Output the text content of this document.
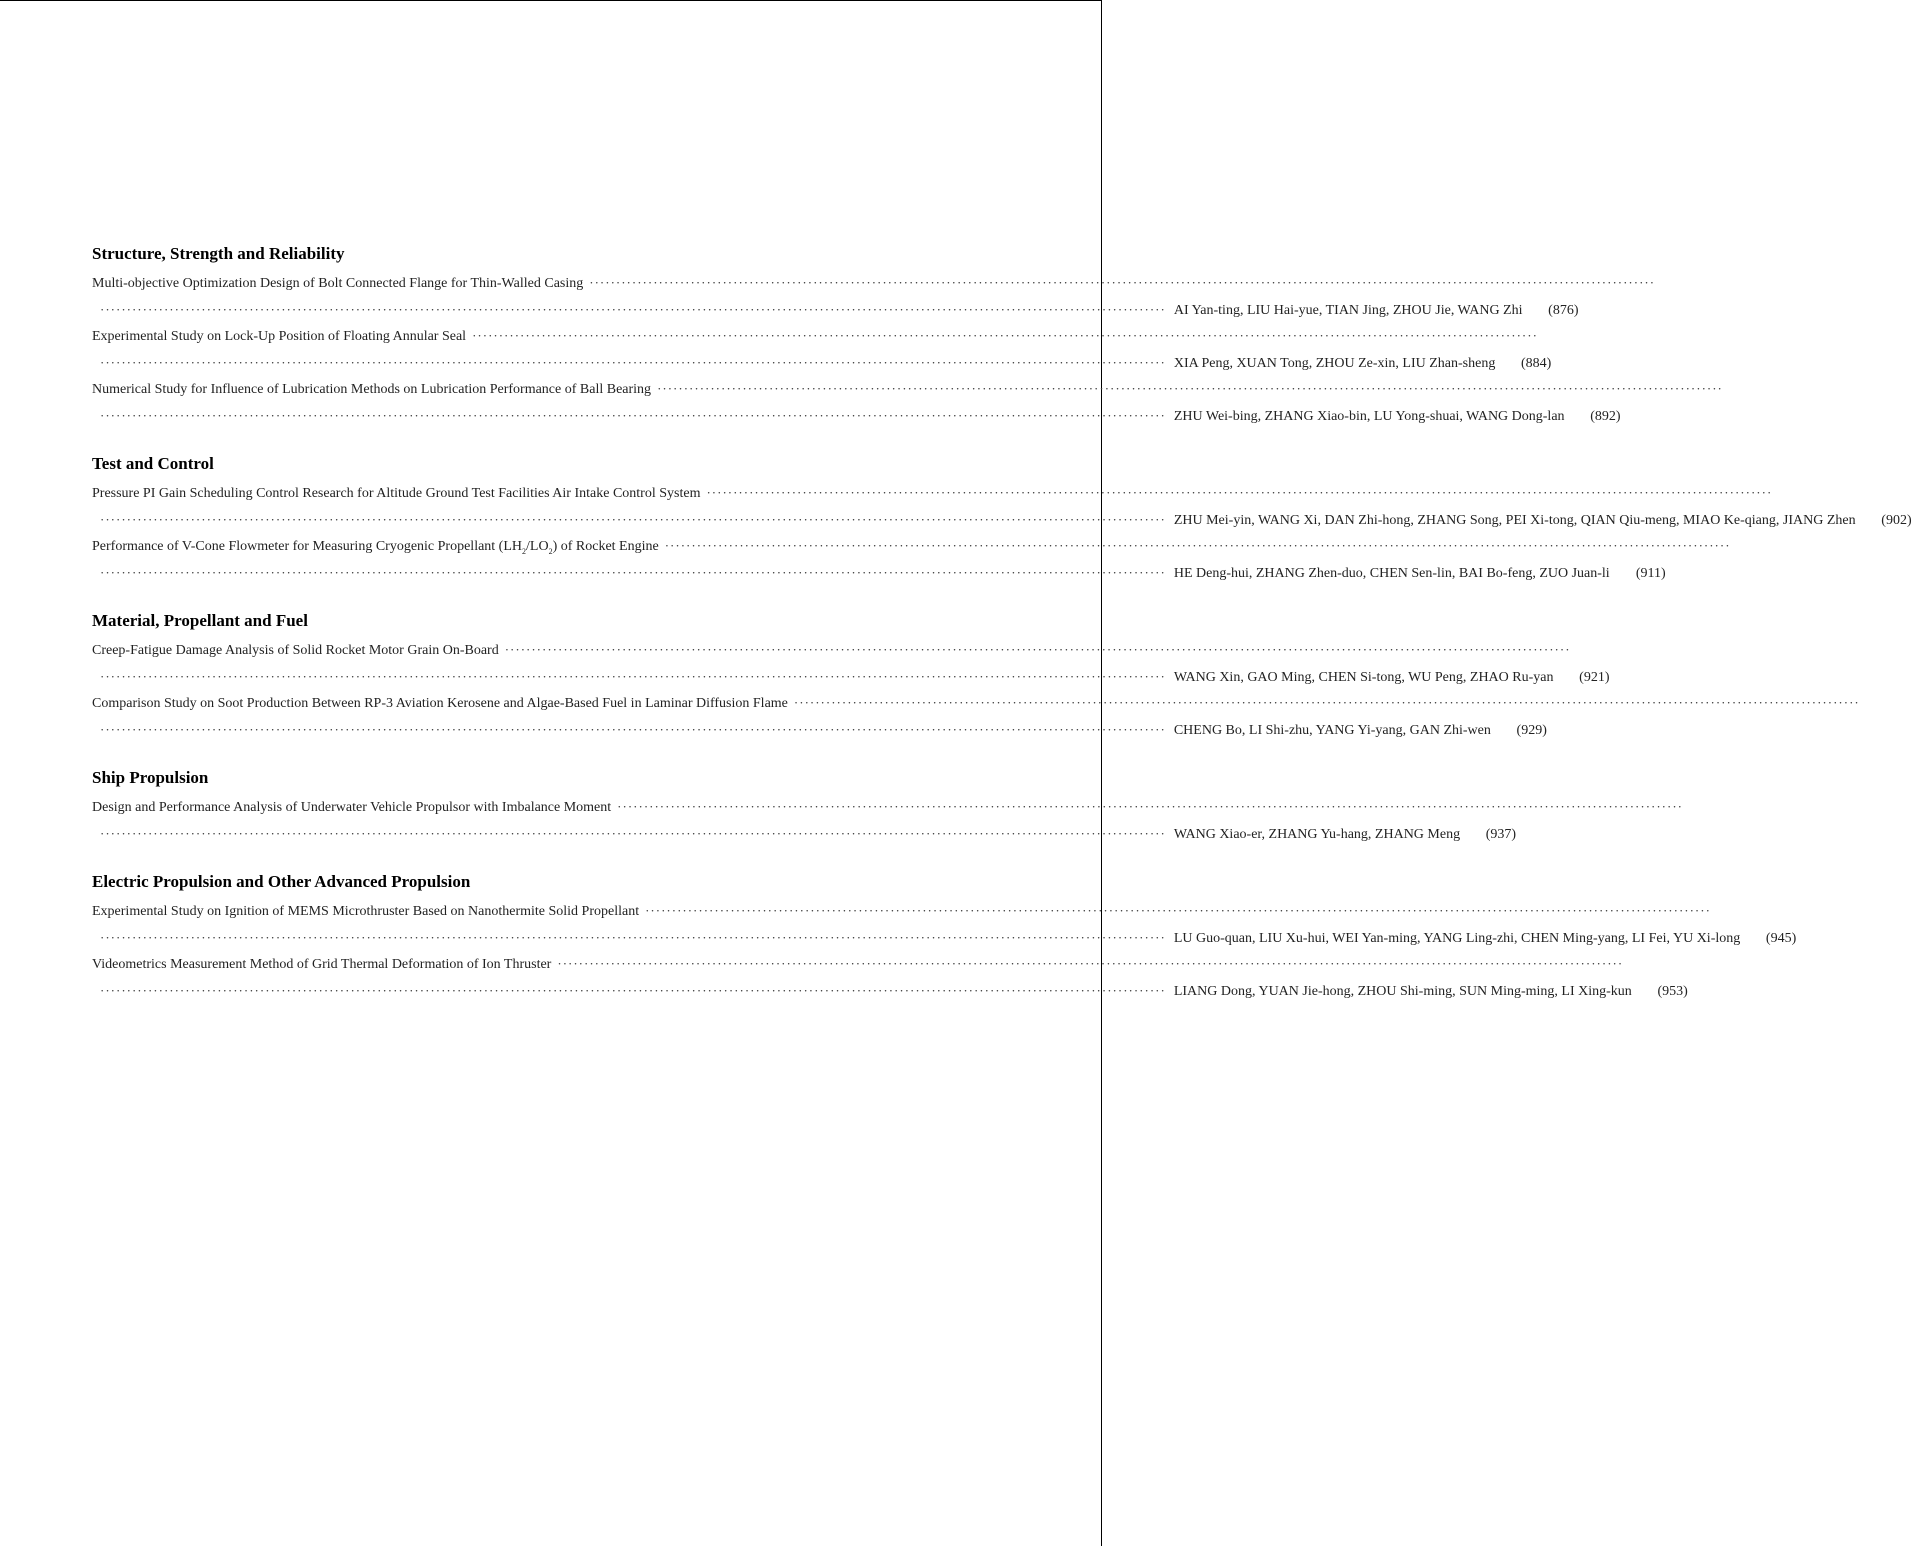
Structure, Strength and Reliability
Multi-objective Optimization Design of Bolt Connected Flange for Thin-Walled Casing ········································································································································································································
········································································································································································································ AI Yan-ting, LIU Hai-yue, TIAN Jing, ZHOU Jie, WANG Zhi	(876)
Experimental Study on Lock-Up Position of Floating Annular Seal ········································································································································································································
········································································································································································································ XIA Peng, XUAN Tong, ZHOU Ze-xin, LIU Zhan-sheng	(884)
Numerical Study for Influence of Lubrication Methods on Lubrication Performance of Ball Bearing ········································································································································································································
········································································································································································································ ZHU Wei-bing, ZHANG Xiao-bin, LU Yong-shuai, WANG Dong-lan	(892)
Test and Control
Pressure PI Gain Scheduling Control Research for Altitude Ground Test Facilities Air Intake Control System ········································································································································································································
········································································································································································································ ZHU Mei-yin, WANG Xi, DAN Zhi-hong, ZHANG Song, PEI Xi-tong, QIAN Qiu-meng, MIAO Ke-qiang, JIANG Zhen	(902)
Performance of V-Cone Flowmeter for Measuring Cryogenic Propellant $(LH_2/LO_2)$ of Rocket Engine ········································································································································································································
········································································································································································································ HE Deng-hui, ZHANG Zhen-duo, CHEN Sen-lin, BAI Bo-feng, ZUO Juan-li	(911)
Material, Propellant and Fuel
Creep-Fatigue Damage Analysis of Solid Rocket Motor Grain On-Board ········································································································································································································
········································································································································································································ WANG Xin, GAO Ming, CHEN Si-tong, WU Peng, ZHAO Ru-yan	(921)
Comparison Study on Soot Production Between RP-3 Aviation Kerosene and Algae-Based Fuel in Laminar Diffusion Flame ········································································································································································································
········································································································································································································ CHENG Bo, LI Shi-zhu, YANG Yi-yang, GAN Zhi-wen	(929)
Ship Propulsion
Design and Performance Analysis of Underwater Vehicle Propulsor with Imbalance Moment ········································································································································································································
········································································································································································································ WANG Xiao-er, ZHANG Yu-hang, ZHANG Meng	(937)
Electric Propulsion and Other Advanced Propulsion
Experimental Study on Ignition of MEMS Microthruster Based on Nanothermite Solid Propellant ········································································································································································································
········································································································································································································ LU Guo-quan, LIU Xu-hui, WEI Yan-ming, YANG Ling-zhi, CHEN Ming-yang, LI Fei, YU Xi-long	(945)
Videometrics Measurement Method of Grid Thermal Deformation of Ion Thruster ········································································································································································································
········································································································································································································ LIANG Dong, YUAN Jie-hong, ZHOU Shi-ming, SUN Ming-ming, LI Xing-kun	(953)
